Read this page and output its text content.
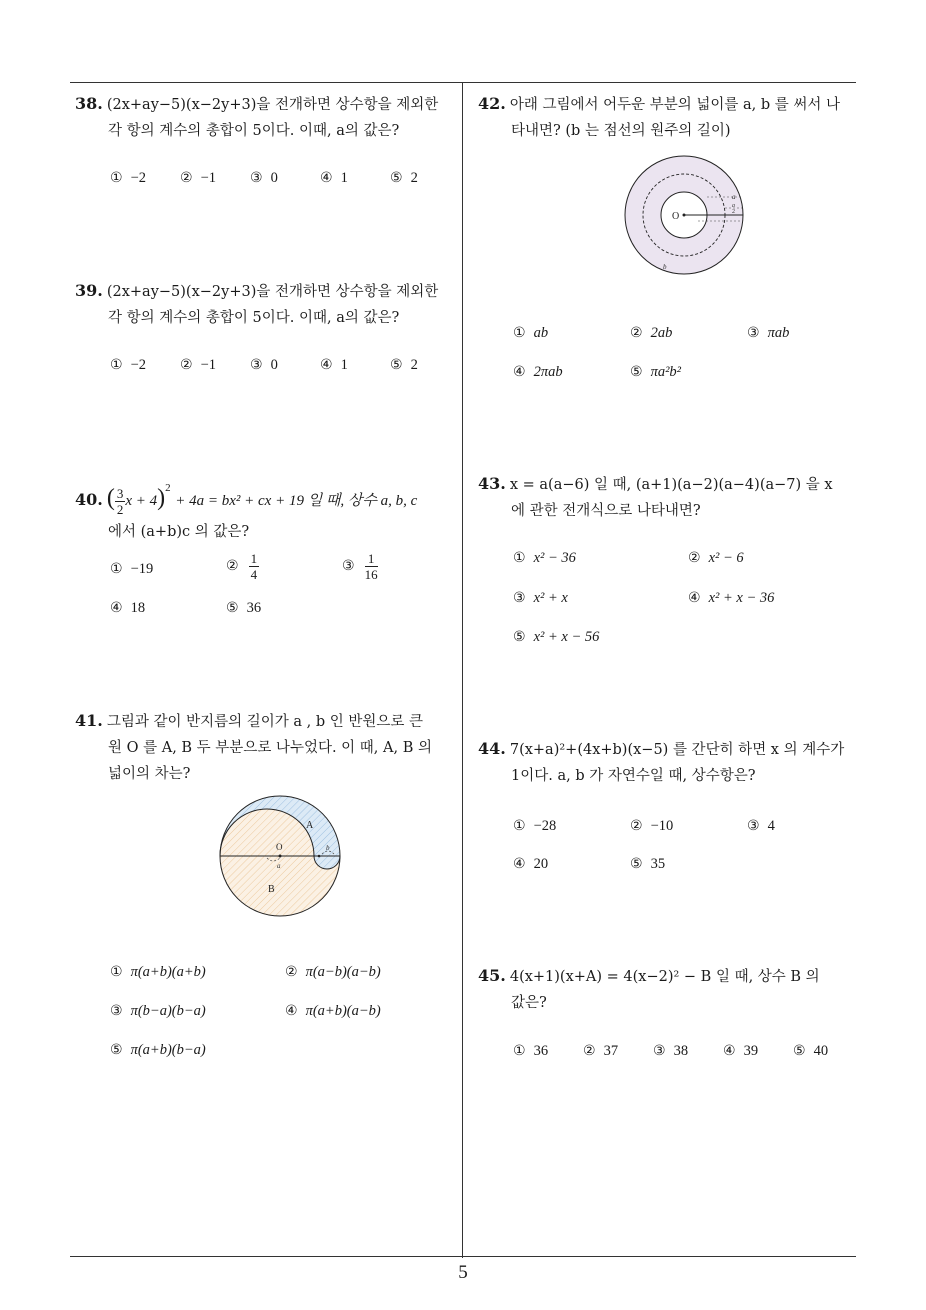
38. (2x+ay−5)(x−2y+3)을 전개하면 상수항을 제외한
각 항의 계수의 총합이 5이다. 이때, a의 값은?
① −2 ② −1 ③ 0	④ 1	⑤ 2
39. (2x+ay−5)(x−2y+3)을 전개하면 상수항을 제외한
각 항의 계수의 총합이 5이다. 이때, a의 값은?
① −2 ② −1 ③ 0	④ 1	⑤ 2
40. ( $\frac{3}{2}$ x + 4)$^2$ + 4a = bx² + cx + 19 일 때, 상수 a, b, c
에서 (a+b)c 의 값은?
① −19	② $\frac{1}{4}$	③ $\frac{1}{16}$
④ 18	⑤ 36
41. 그림과 같이 반지름의 길이가 a , b 인 반원으로 큰
원 O 를 A, B 두 부분으로 나누었다. 이 때, A, B 의
넓이의 차는?
A
B
O
a
b
① π(a+b)(a+b)	② π(a−b)(a−b)
③ π(b−a)(b−a)	④ π(a+b)(a−b)
⑤ π(a+b)(b−a)
42. 아래 그림에서 어두운 부분의 넓이를 a, b 를 써서 나
타내면? (b 는 점선의 원주의 길이)
O
a
a
2
b
① ab	② 2ab	③ πab
④ 2πab	⑤ πa²b²
43. x = a(a−6) 일 때, (a+1)(a−2)(a−4)(a−7) 을 x
에 관한 전개식으로 나타내면?
① x² − 36	② x² − 6
③ x² + x	④ x² + x − 36
⑤ x² + x − 56
44. 7(x+a)²+(4x+b)(x−5) 를 간단히 하면 x 의 계수가
1이다. a, b 가 자연수일 때, 상수항은?
① −28	② −10	③ 4
④ 20	⑤ 35
45. 4(x+1)(x+A) = 4(x−2)² − B 일 때, 상수 B 의
값은?
① 36 ② 37 ③ 38 ④ 39 ⑤ 40
5
